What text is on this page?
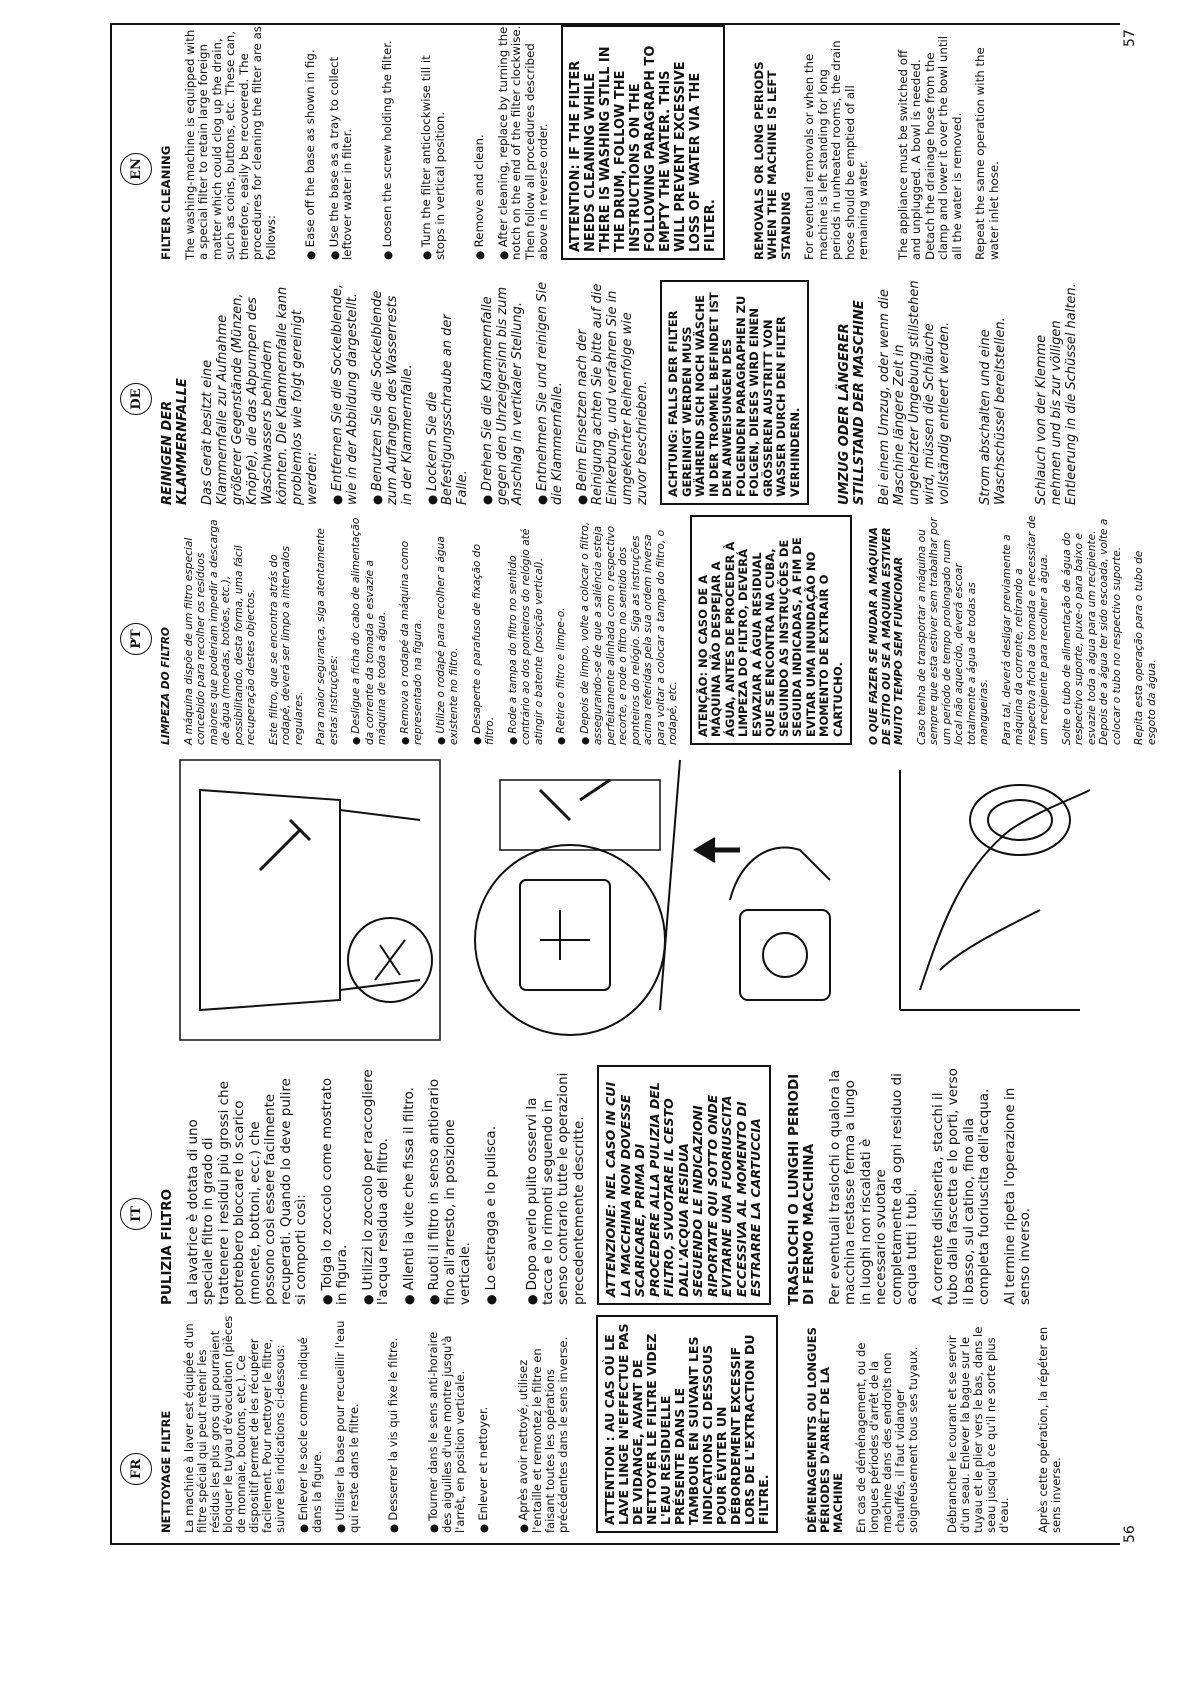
56
57
FR
IT
PT
DE
EN
NETTOYAGE FILTRE La machine à laver est équipée d'un filtre spécial qui peut retenir les résidus les plus gros qui pourraient bloquer le tuyau d'évacuation (pièces de monnaie, boutons, etc.). Ce dispositif permet de les récupérer facilement. Pour nettoyer le filtre, suivre les indications ci-dessous: ● Enlever le socle comme indiqué dans la figure. ● Utiliser la base pour recueillir l'eau qui reste dans le filtre. ● Desserrer la vis qui fixe le filtre. ● Tourner dans le sens anti-horaire des aiguilles d'une montre jusqu'à l'arrêt, en position verticale. ● Enlever et nettoyer. ● Après avoir nettoyé, utilisez l'entaille et remontez le filtre en faisant toutes les opérations précédentes dans le sens inverse.	ATTENTION : AU CAS OÙ LE LAVE LINGE N'EFFECTUE PAS DE VIDANGE, AVANT DE NETTOYER LE FILTRE VIDEZ L'EAU RÉSIDUELLE PRÉSENTE DANS LE TAMBOUR EN SUIVANT LES INDICATIONS CI DESSOUS POUR ÉVITER UN DÉBORDEMENT EXCESSIF LORS DE L'EXTRACTION DU FILTRE.	DÉMENAGEMENTS OU LONGUES PÉRIODES D'ARRÊT DE LA MACHINE En cas de déménagement, ou de longues périodes d'arrêt de la machine dans des endroits non chauffés, il faut vidanger soigneusement tous ses tuyaux. Débrancher le courant et se servir d'un seau. Enlever la bague sur le tuyau et le plier vers le bas, dans le seau jusqu'à ce qu'il ne sorte plus d'eau. Après cette opération, la répéter en sens inverse.

PULIZIA FILTRO La lavatrice è dotata di uno speciale filtro in grado di trattenere i residui più grossi che potrebbero bloccare lo scarico (monete, bottoni, ecc.) che possono così essere facilmente recuperati. Quando lo deve pulire si comporti così: ● Tolga lo zoccolo come mostrato in figura. ● Utilizzi lo zoccolo per raccogliere l'acqua residua del filtro. ● Allenti la vite che fissa il filtro. ● Ruoti il filtro in senso antiorario fino all'arresto, in posizione verticale. ● Lo estragga e lo pulisca. ● Dopo averlo pulito osservi la tacca e lo rimonti seguendo in senso contrario tutte le operazioni precedentemente descritte.	ATTENZIONE: NEL CASO IN CUI LA MACCHINA NON DOVESSE SCARICARE, PRIMA DI PROCEDERE ALLA PULIZIA DEL FILTRO, SVUOTARE IL CESTO DALL'ACQUA RESIDUA SEGUENDO LE INDICAZIONI RIPORTATE QUI SOTTO ONDE EVITARNE UNA FUORIUSCITA ECCESSIVA AL MOMENTO DI ESTRARRE LA CARTUCCIA	TRASLOCHI O LUNGHI PERIODI DI FERMO MACCHINA Per eventuali traslochi o qualora la macchina restasse ferma a lungo in luoghi non riscaldati è necessario svuotare completamente da ogni residuo di acqua tutti i tubi. A corrente disinserita, stacchi il tubo dalla fascetta e lo porti, verso il basso, sul catino, fino alla completa fuoriuscita dell'acqua. Al termine ripeta l'operazione in senso inverso.

LIMPEZA DO FILTRO A máquina dispõe de um filtro especial concebido para recolher os resíduos maiores que poderiam impedir a descarga de água (moedas, botões, etc.), possibilitando, desta forma, uma fácil recuperação destes objectos. Este filtro, que se encontra atrás do rodapé, deverá ser limpo a intervalos regulares. Para maior segurança, siga atentamente estas instruções: ● Desligue a ficha do cabo de alimentação da corrente da tomada e esvazie a máquina de toda a água. ● Remova o rodapé da máquina como representado na figura. ● Utilize o rodapé para recolher a água existente no filtro. ● Desaperte o parafuso de fixação do filtro. ● Rode a tampa do filtro no sentido contrário ao dos ponteiros do relógio até atingir o batente (posição vertical). ● Retire o filtro e limpe-o. ● Depois de limpo, volte a colocar o filtro, assegurando-se de que a saliência esteja perfeitamente alinhada com o respectivo recorte, e rode o filtro no sentido dos ponteiros do relógio. Siga as instruções acima referidas pela sua ordem inversa para voltar a colocar a tampa do filtro, o rodapé, etc.	ATENÇÃO: NO CASO DE A MÁQUINA NÃO DESPEJAR A ÁGUA, ANTES DE PROCEDER À LIMPEZA DO FILTRO, DEVERÁ ESVAZIAR A ÁGUA RESIDUAL QUE SE ENCONTRA NA CUBA, SEGUINDO AS INSTRUÇÕES DE SEGUIDA INDICADAS, A FIM DE EVITAR UMA INUNDAÇÃO NO MOMENTO DE EXTRAIR O CARTUCHO.	O QUE FAZER SE MUDAR A MÁQUINA DE SÍTIO OU SE A MÁQUINA ESTIVER MUITO TEMPO SEM FUNCIONAR Caso tenha de transportar a máquina ou sempre que esta estiver sem trabalhar por um período de tempo prolongado num local não aquecido, deverá escoar totalmente a água de todas as mangueiras. Para tal, deverá desligar previamente a máquina da corrente, retirando a respectiva ficha da tomada e necessitar de um recipiente para recolher a água. Solte o tubo de alimentação de água do respectivo suporte, puxe-o para baixo e esvazie toda a água para um recipiente. Depois de a água ter sido escoada, volte a colocar o tubo no respectivo suporte. Repita esta operação para o tubo de esgoto da água.

REINIGEN DER KLAMMERNFALLE Das Gerät besitzt eine Klammernfalle zur Aufnahme größerer Gegenstände (Münzen, Knöpfe), die das Abpumpen des Waschwassers behindern könnten. Die Klammernfalle kann problemlos wie folgt gereinigt werden: ● Entfernen Sie die Sockelblende, wie in der Abbildung dargestellt. ● Benutzen Sie die Sockelblende zum Auffangen des Wasserrests in der Klammernfalle. ● Lockern Sie die Befestigungsschraube an der Falle. ● Drehen Sie die Klammernfalle gegen den Uhrzeigersinn bis zum Anschlag in vertikaler Stellung. ● Entnehmen Sie und reinigen Sie die Klammernfalle. ● Beim Einsetzen nach der Reinigung achten Sie bitte auf die Einkerbung, und verfahren Sie in umgekehrter Reihenfolge wie zuvor beschrieben.	ACHTUNG: FALLS DER FILTER GEREINIGT WERDEN MUSS WÄHREND SICH NOCH WÄSCHE IN DER TROMMEL BEFINDET IST DEN ANWEISUNGEN DES FOLGENDEN PARAGRAPHEN ZU FOLGEN, DIESES WIRD EINEN GRÖSSEREN AUSTRITT VON WASSER DURCH DEN FILTER VERHINDERN.	UMZUG ODER LÄNGERER STILLSTAND DER MASCHINE Bei einem Umzug, oder wenn die Maschine längere Zeit in ungeheizter Umgebung stillstehen wird, müssen die Schläuche vollständig entleert werden. Strom abschalten und eine Waschschüssel bereitstellen. Schlauch von der Klemme nehmen und bis zur völligen Entleerung in die Schüssel halten.

FILTER CLEANING The washing-machine is equipped with a special filter to retain large foreign matter which could clog up the drain, such as coins, buttons, etc. These can, therefore, easily be recovered. The procedures for cleaning the filter are as follows: ● Ease off the base as shown in fig. ● Use the base as a tray to collect leftover water in filter. ● Loosen the screw holding the filter. ● Turn the filter anticlockwise till it stops in vertical position. ● Remove and clean. ● After cleaning, replace by turning the notch on the end of the filter clockwise. Then follow all procedures described above in reverse order.	ATTENTION: IF THE FILTER NEEDS CLEANING WHILE THERE IS WASHING STILL IN THE DRUM, FOLLOW THE INSTRUCTIONS ON THE FOLLOWING PARAGRAPH TO EMPTY THE WATER. THIS WILL PREVENT EXCESSIVE LOSS OF WATER VIA THE FILTER.	REMOVALS OR LONG PERIODS WHEN THE MACHINE IS LEFT STANDING For eventual removals or when the machine is left standing for long periods in unheated rooms, the drain hose should be emptied of all remaining water. The appliance must be switched off and unplugged. A bowl is needed. Detach the drainage hose from the clamp and lower it over the bowl until all the water is removed. Repeat the same operation with the water inlet hose.
